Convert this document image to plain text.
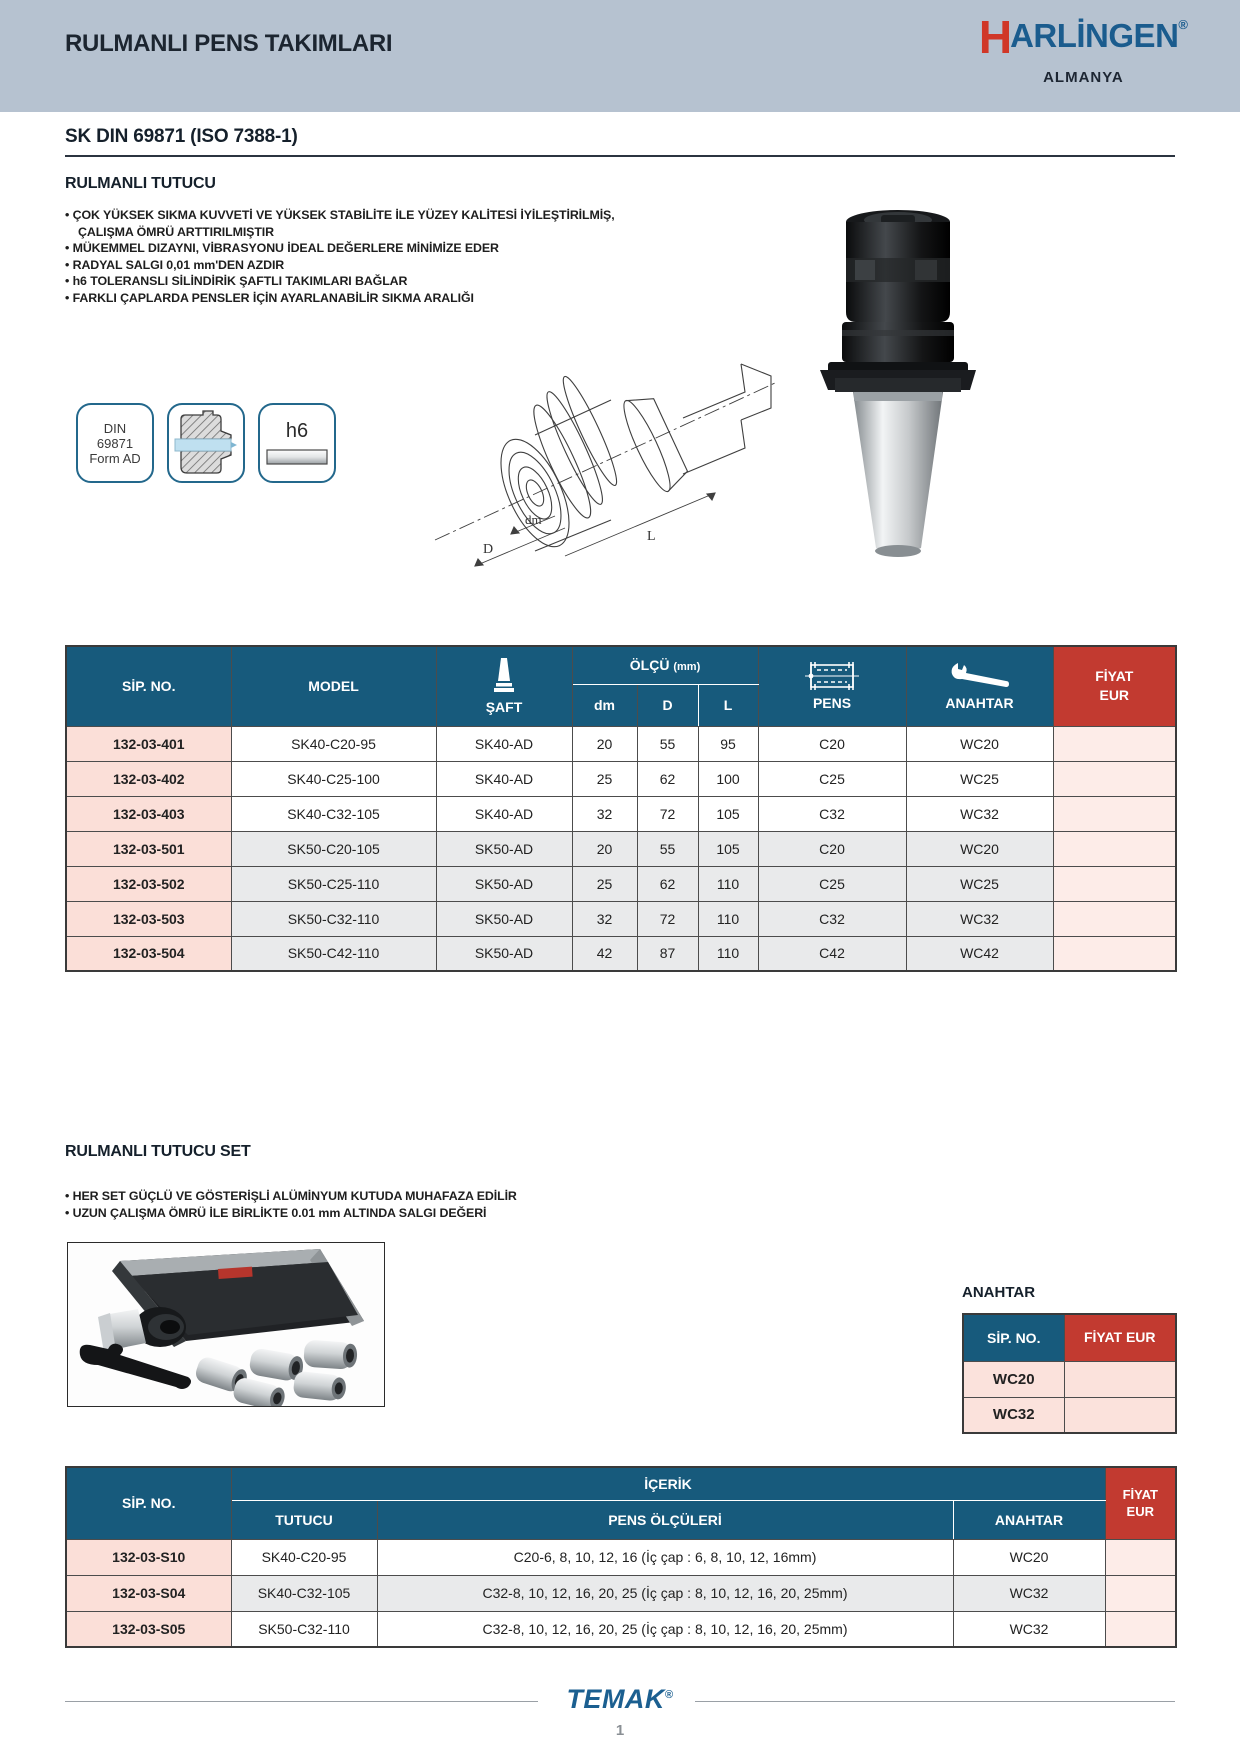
RULMANLI PENS TAKIMLARI	HARLİNGEN®
ALMANYA
SK DIN 69871 (ISO 7388-1)
RULMANLI TUTUCU
• ÇOK YÜKSEK SIKMA KUVVETİ VE YÜKSEK STABİLİTE İLE YÜZEY KALİTESİ İYİLEŞTİRİLMİŞ, ÇALIŞMA ÖMRÜ ARTTIRILMIŞTIR
• MÜKEMMEL DIZAYNI, VİBRASYONU İDEAL DEĞERLERE MİNİMİZE EDER
• RADYAL SALGI 0,01 mm'DEN AZDIR
• h6 TOLERANSLI SİLİNDİRİK ŞAFTLI TAKIMLARI BAĞLAR
• FARKLI ÇAPLARDA PENSLER İÇİN AYARLANABİLİR SIKMA ARALIĞI
DIN
69871
Form AD
h6
D
dm
L
SİP. NO.	MODEL	ŞAFT	ÖLÇÜ (mm)			PENS	ANAHTAR	FİYAT
EUR

			dm	D	L			
132-03-401	SK40-C20-95	SK40-AD	20	55	95	C20	WC20	
132-03-402	SK40-C25-100	SK40-AD	25	62	100	C25	WC25	
132-03-403	SK40-C32-105	SK40-AD	32	72	105	C32	WC32	
132-03-501	SK50-C20-105	SK50-AD	20	55	105	C20	WC20	
132-03-502	SK50-C25-110	SK50-AD	25	62	110	C25	WC25	
132-03-503	SK50-C32-110	SK50-AD	32	72	110	C32	WC32	
132-03-504	SK50-C42-110	SK50-AD	42	87	110	C42	WC42	
RULMANLI TUTUCU SET
• HER SET GÜÇLÜ VE GÖSTERİŞLİ ALÜMİNYUM KUTUDA MUHAFAZA EDİLİR
• UZUN ÇALIŞMA ÖMRÜ İLE BİRLİKTE 0.01 mm ALTINDA SALGI DEĞERİ
ANAHTAR
SİP. NO.	FİYAT EUR
WC20	
WC32	
SİP. NO.	İÇERİK			FİYAT
EUR

	TUTUCU	PENS ÖLÇÜLERİ	ANAHTAR	
132-03-S10	SK40-C20-95	C20-6, 8, 10, 12, 16 (İç çap : 6, 8, 10, 12, 16mm)	WC20	
132-03-S04	SK40-C32-105	C32-8, 10, 12, 16, 20, 25 (İç çap : 8, 10, 12, 16, 20, 25mm)	WC32	
132-03-S05	SK50-C32-110	C32-8, 10, 12, 16, 20, 25 (İç çap : 8, 10, 12, 16, 20, 25mm)	WC32	
TEMAK®
1
